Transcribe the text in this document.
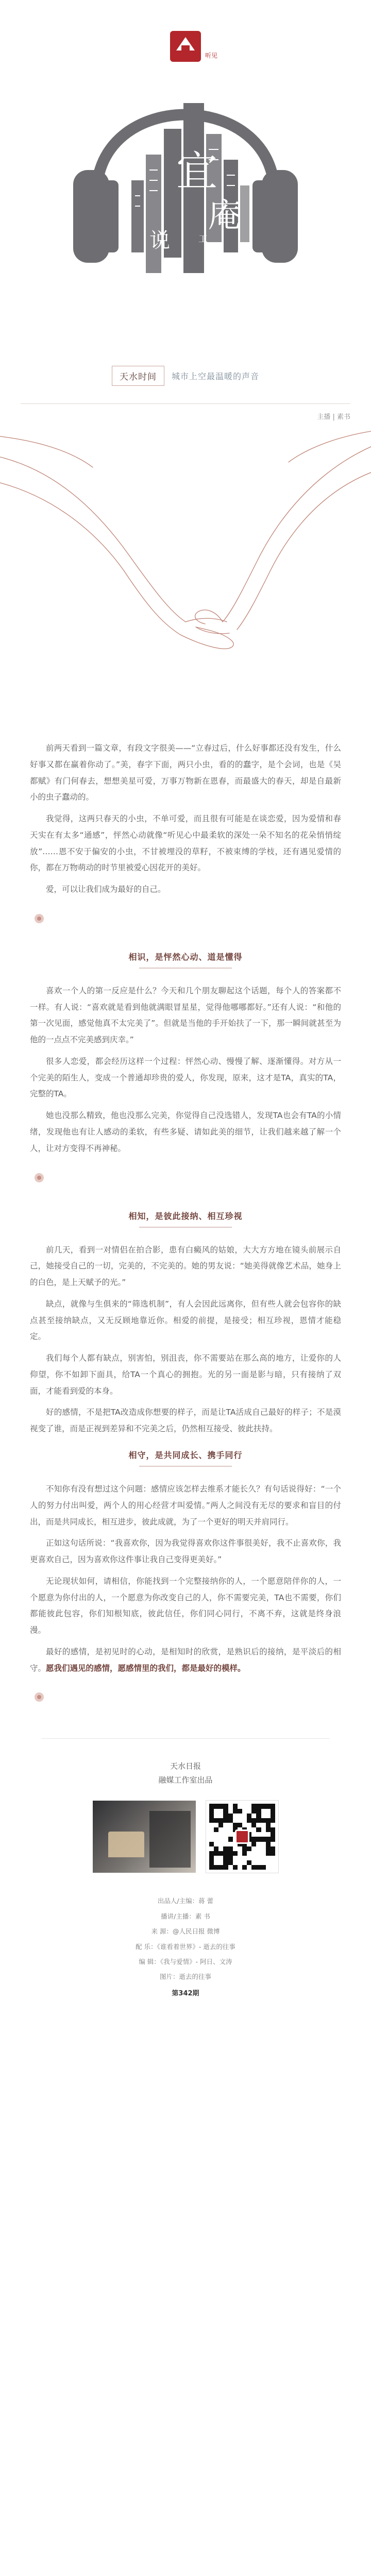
听见
说
宜
庵
工
天水时间	城市上空最温暖的声音
主播 | 素书

前两天看到一篇文章，有段文字很美——“立春过后，什么好事都还没有发生，什么好事又都在赢着你动了。”美，春字下面，两只小虫，看的的蠢字，是个会词，也是《吴都赋》有门何春去，想想美星可爱，万事万物新在恩春，而最盛大的春天，却是自最新小的虫子蠢动的。

我觉得，这两只春天的小虫，不单可爱，而且很有可能是在谈恋爱，因为爱情和春天实在有太多“通感”，怦然心动就像“听见心中最柔软的深处一朵不知名的花朵悄悄绽放”……恩不安于偏安的小虫，不甘被埋没的草籽，不被束缚的学枝，还有遇见爱情的你，都在万物萌动的时节里被爱心因花开的美好。

爱，可以让我们成为最好的自己。

相识，是怦然心动、道是懂得

喜欢一个人的第一反应是什么？今天和几个朋友聊起这个话题，每个人的答案都不一样。有人说：“喜欢就是看到他就满眼冒星星，觉得他哪哪都好。”还有人说：“和他的第一次见面，感觉他真不太完美了”。但就是当他的手开始扶了一下，那一瞬间就甚至为他的一点点不完美感到庆幸。”

很多人恋爱，都会经历这样一个过程：怦然心动、慢慢了解、逐渐懂得。对方从一个完美的陌生人，变成一个普通却珍贵的爱人，你发现，原来，这才是TA，真实的TA，完整的TA。

她也没那么精致，他也没那么完美，你觉得自己没选错人，发现TA也会有TA的小情绪，发现他也有让人感动的柔软，有些多疑、请如此美的细节，让我们越来越了解一个人，让对方变得不再神秘。

相知，是彼此接纳、相互珍视

前几天，看到一对情侣在拍合影，患有白癜风的姑娘，大大方方地在镜头前展示自己，她接受自己的一切，完美的，不完美的。她的男友说：“她美得就像艺术品，她身上的白色，是上天赋予的光。”

缺点，就像与生俱来的“筛选机制”，有人会因此远离你，但有些人就会包容你的缺点甚至接纳缺点，又无反顾地靠近你。相爱的前提，是接受；相互珍视，恩情才能稳定。

我们每个人都有缺点，别害怕，别沮丧，你不需要站在那么高的地方，让爱你的人仰望，你不如卸下面具，给TA一个真心的拥抱。光的另一面是影与暗，只有接纳了双面，才能看到爱的本身。

好的感情，不是把TA改造成你想要的样子，而是让TA活成自己最好的样子；不是漠视变了谁，而是正视到差异和不完美之后，仍然相互接受、彼此扶持。

相守，是共同成长、携手同行

不知你有没有想过这个问题：感情应该怎样去维系才能长久？有句话说得好：“一个人的努力付出叫爱，两个人的用心经营才叫爱情。”两人之间没有无尽的要求和盲目的付出，而是共同成长，相互进步，彼此成就，为了一个更好的明天并肩同行。

正如这句话所说：“我喜欢你，因为我觉得喜欢你这件事很美好，我不止喜欢你，我更喜欢自己，因为喜欢你这件事让我自己变得更美好。”

无论现状如何，请相信，你能找到一个完整接纳你的人，一个愿意陪伴你的人，一个愿意为你付出的人，一个愿意为你改变自己的人，你不需要完美，TA也不需要，你们都能彼此包容，你们知根知底，彼此信任，你们同心同行，不离不弃，这就是终身浪漫。

最好的感情，是初见时的心动，是相知时的欣赏，是熟识后的接纳，是平淡后的相守。愿我们遇见的感情，愿感情里的我们，都是最好的模样。

天水日报
融媒工作室出品
出品人/主编：蒋 蕾
播讲/主播：素 书
来 源：@人民日报 微博
配 乐：《谁看着世界》- 逝去的往事
编 辑：《我与爱情》- 阿日、文涛
图片：逝去的往事
第342期
